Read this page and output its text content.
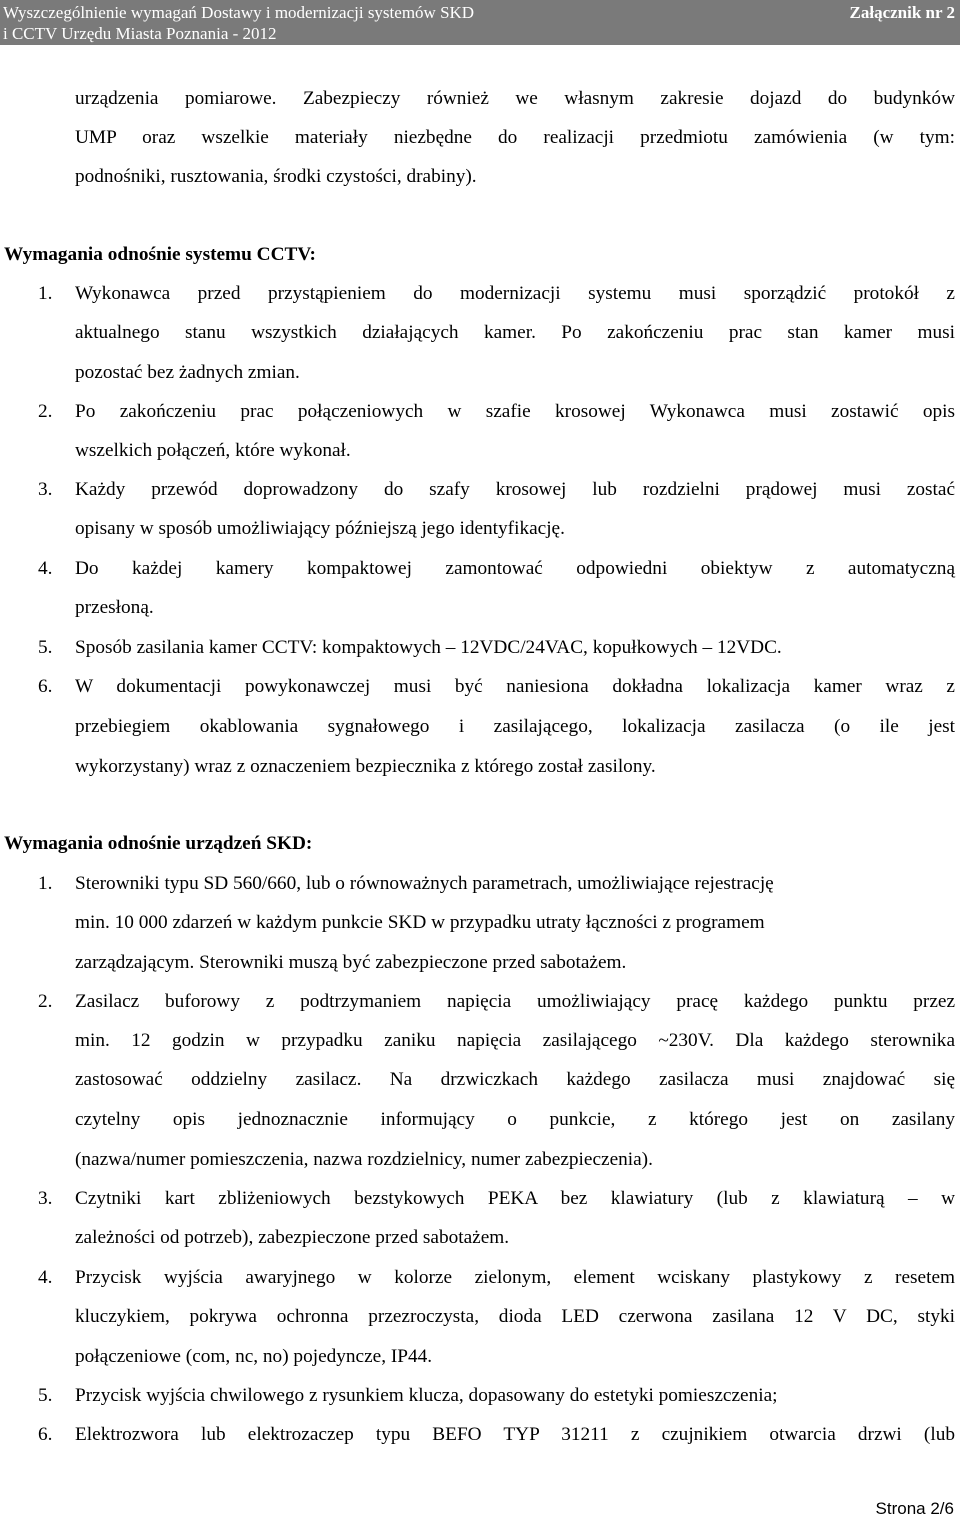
Wyszczególnienie wymagań Dostawy i modernizacji systemów SKD
i CCTV Urzędu Miasta Poznania - 2012
Załącznik nr 2
urządzenia pomiarowe. Zabezpieczy również we własnym zakresie dojazd do budynków
UMP oraz wszelkie materiały niezbędne do realizacji przedmiotu zamówienia (w tym:
podnośniki, rusztowania, środki czystości, drabiny).
Wymagania odnośnie systemu CCTV:
1. Wykonawca przed przystąpieniem do modernizacji systemu musi sporządzić protokół z
aktualnego stanu wszystkich działających kamer. Po zakończeniu prac stan kamer musi
pozostać bez żadnych zmian.
2. Po zakończeniu prac połączeniowych w szafie krosowej Wykonawca musi zostawić opis
wszelkich połączeń, które wykonał.
3. Każdy przewód doprowadzony do szafy krosowej lub rozdzielni prądowej musi zostać
opisany w sposób umożliwiający późniejszą jego identyfikację.
4. Do każdej kamery kompaktowej zamontować odpowiedni obiektyw z automatyczną
przesłoną.
5. Sposób zasilania kamer CCTV: kompaktowych – 12VDC/24VAC, kopułkowych – 12VDC.
6. W dokumentacji powykonawczej musi być naniesiona dokładna lokalizacja kamer wraz z
przebiegiem okablowania sygnałowego i zasilającego, lokalizacja zasilacza (o ile jest
wykorzystany) wraz z oznaczeniem bezpiecznika z którego został zasilony.
Wymagania odnośnie urządzeń SKD:
1. Sterowniki typu SD 560/660, lub o równoważnych parametrach, umożliwiające rejestrację
min. 10 000 zdarzeń w każdym punkcie SKD w przypadku utraty łączności z programem
zarządzającym. Sterowniki muszą być zabezpieczone przed sabotażem.
2. Zasilacz buforowy z podtrzymaniem napięcia umożliwiający pracę każdego punktu przez
min. 12 godzin w przypadku zaniku napięcia zasilającego ~230V. Dla każdego sterownika
zastosować oddzielny zasilacz. Na drzwiczkach każdego zasilacza musi znajdować się
czytelny opis jednoznacznie informujący o punkcie, z którego jest on zasilany
(nazwa/numer pomieszczenia, nazwa rozdzielnicy, numer zabezpieczenia).
3. Czytniki kart zbliżeniowych bezstykowych PEKA bez klawiatury (lub z klawiaturą – w
zależności od potrzeb), zabezpieczone przed sabotażem.
4. Przycisk wyjścia awaryjnego w kolorze zielonym, element wciskany plastykowy z resetem
kluczykiem, pokrywa ochronna przezroczysta, dioda LED czerwona zasilana 12 V DC, styki
połączeniowe (com, nc, no) pojedyncze, IP44.
5. Przycisk wyjścia chwilowego z rysunkiem klucza, dopasowany do estetyki pomieszczenia;
6. Elektrozwora lub elektrozaczep typu BEFO TYP 31211 z czujnikiem otwarcia drzwi (lub
Strona 2/6
